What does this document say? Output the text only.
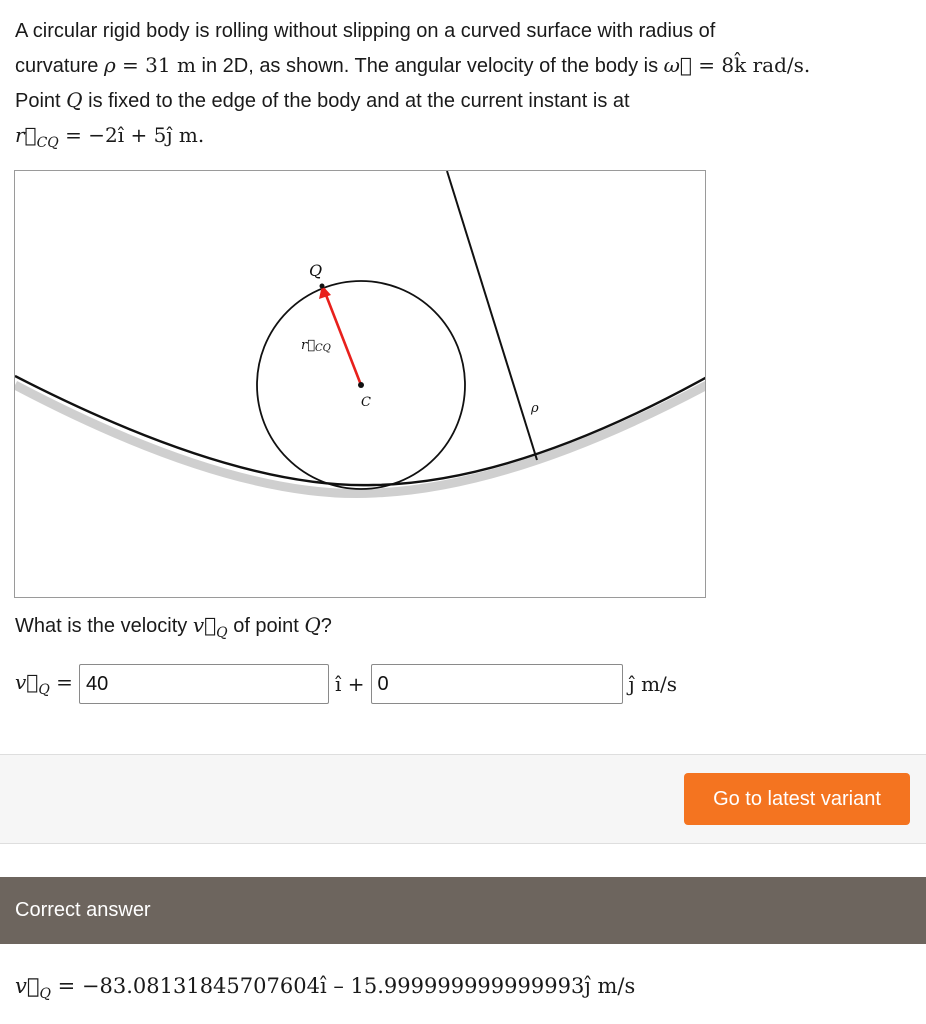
A circular rigid body is rolling without slipping on a curved surface with radius of
curvature ρ = 31 m in 2D, as shown. The angular velocity of the body is ω⃗ = 8k̂ rad/s.
Point Q is fixed to the edge of the body and at the current instant is at
$r⃗_{CQ}$ = −2ı̂ + 5ȷ̂ m.
Q
r⃗CQ
C	ρ
What is the velocity $v⃗_Q$ of point Q?
$v⃗_Q$ =
40	ı̂ +
0	ȷ̂ m/s
Go to latest variant
Correct answer
$v⃗_Q$ = −83.08131845707604ı̂ – 15.999999999999993ȷ̂ m/s
